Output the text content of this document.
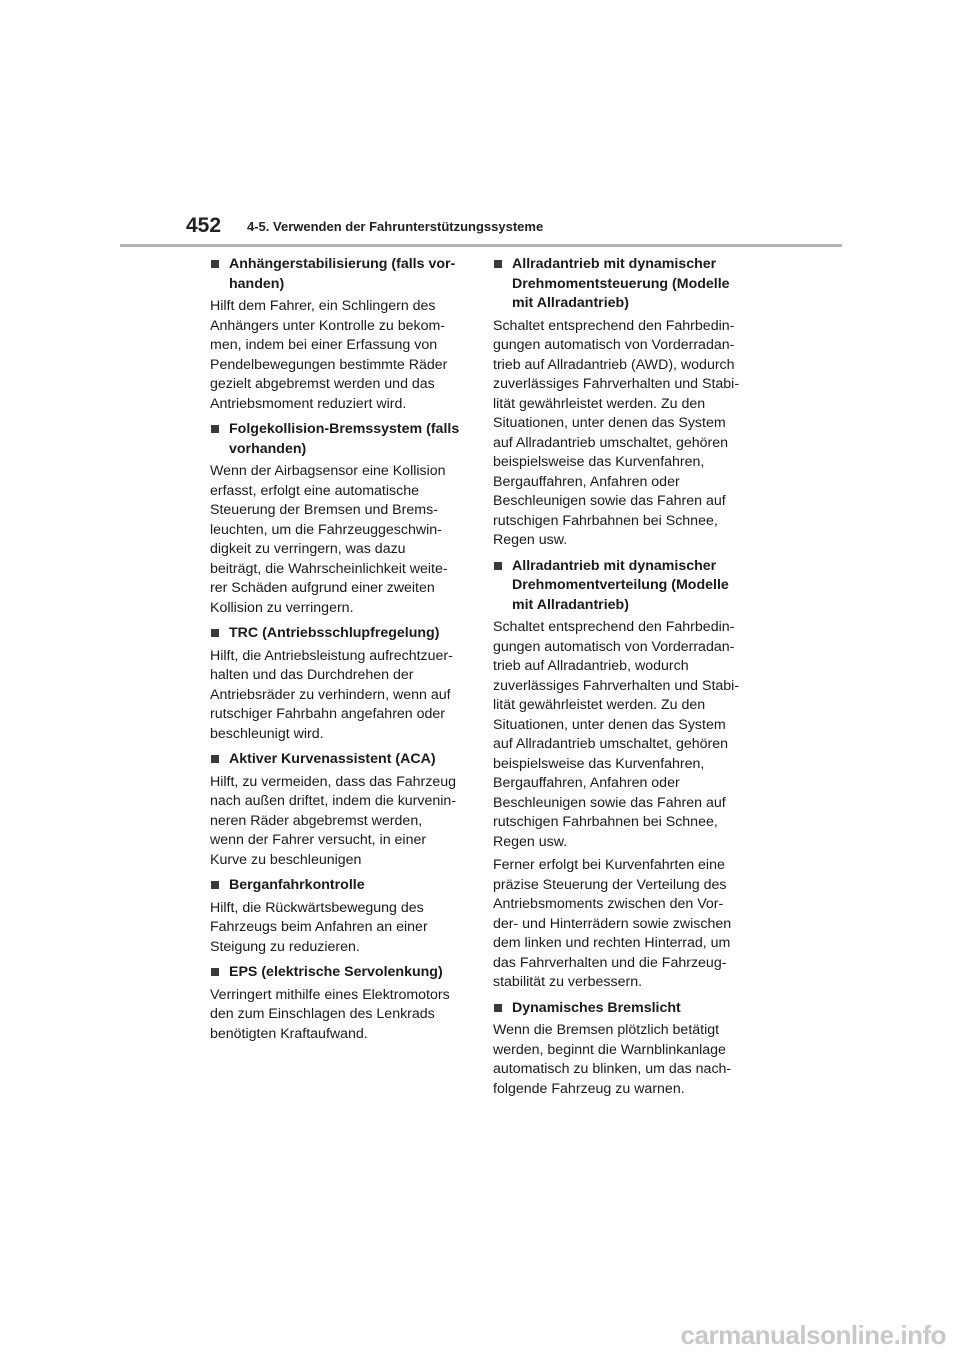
452 4-5. Verwenden der Fahrunterstützungssysteme
Anhängerstabilisierung (falls vor-
handen)

Hilft dem Fahrer, ein Schlingern des
Anhängers unter Kontrolle zu bekom-
men, indem bei einer Erfassung von
Pendelbewegungen bestimmte Räder
gezielt abgebremst werden und das
Antriebsmoment reduziert wird.

Folgekollision-Bremssystem (falls
vorhanden)

Wenn der Airbagsensor eine Kollision
erfasst, erfolgt eine automatische
Steuerung der Bremsen und Brems-
leuchten, um die Fahrzeuggeschwin-
digkeit zu verringern, was dazu
beiträgt, die Wahrscheinlichkeit weite-
rer Schäden aufgrund einer zweiten
Kollision zu verringern.

TRC (Antriebsschlupfregelung)

Hilft, die Antriebsleistung aufrechtzuer-
halten und das Durchdrehen der
Antriebsräder zu verhindern, wenn auf
rutschiger Fahrbahn angefahren oder
beschleunigt wird.

Aktiver Kurvenassistent (ACA)

Hilft, zu vermeiden, dass das Fahrzeug
nach außen driftet, indem die kurvenin-
neren Räder abgebremst werden,
wenn der Fahrer versucht, in einer
Kurve zu beschleunigen

Berganfahrkontrolle

Hilft, die Rückwärtsbewegung des
Fahrzeugs beim Anfahren an einer
Steigung zu reduzieren.

EPS (elektrische Servolenkung)

Verringert mithilfe eines Elektromotors
den zum Einschlagen des Lenkrads
benötigten Kraftaufwand.

Allradantrieb mit dynamischer
Drehmomentsteuerung (Modelle
mit Allradantrieb)

Schaltet entsprechend den Fahrbedin-
gungen automatisch von Vorderradan-
trieb auf Allradantrieb (AWD), wodurch
zuverlässiges Fahrverhalten und Stabi-
lität gewährleistet werden. Zu den
Situationen, unter denen das System
auf Allradantrieb umschaltet, gehören
beispielsweise das Kurvenfahren,
Bergauffahren, Anfahren oder
Beschleunigen sowie das Fahren auf
rutschigen Fahrbahnen bei Schnee,
Regen usw.

Allradantrieb mit dynamischer
Drehmomentverteilung (Modelle
mit Allradantrieb)

Schaltet entsprechend den Fahrbedin-
gungen automatisch von Vorderradan-
trieb auf Allradantrieb, wodurch
zuverlässiges Fahrverhalten und Stabi-
lität gewährleistet werden. Zu den
Situationen, unter denen das System
auf Allradantrieb umschaltet, gehören
beispielsweise das Kurvenfahren,
Bergauffahren, Anfahren oder
Beschleunigen sowie das Fahren auf
rutschigen Fahrbahnen bei Schnee,
Regen usw.

Ferner erfolgt bei Kurvenfahrten eine
präzise Steuerung der Verteilung des
Antriebsmoments zwischen den Vor-
der- und Hinterrädern sowie zwischen
dem linken und rechten Hinterrad, um
das Fahrverhalten und die Fahrzeug-
stabilität zu verbessern.

Dynamisches Bremslicht

Wenn die Bremsen plötzlich betätigt
werden, beginnt die Warnblinkanlage
automatisch zu blinken, um das nach-
folgende Fahrzeug zu warnen.

carmanualsonline.info
